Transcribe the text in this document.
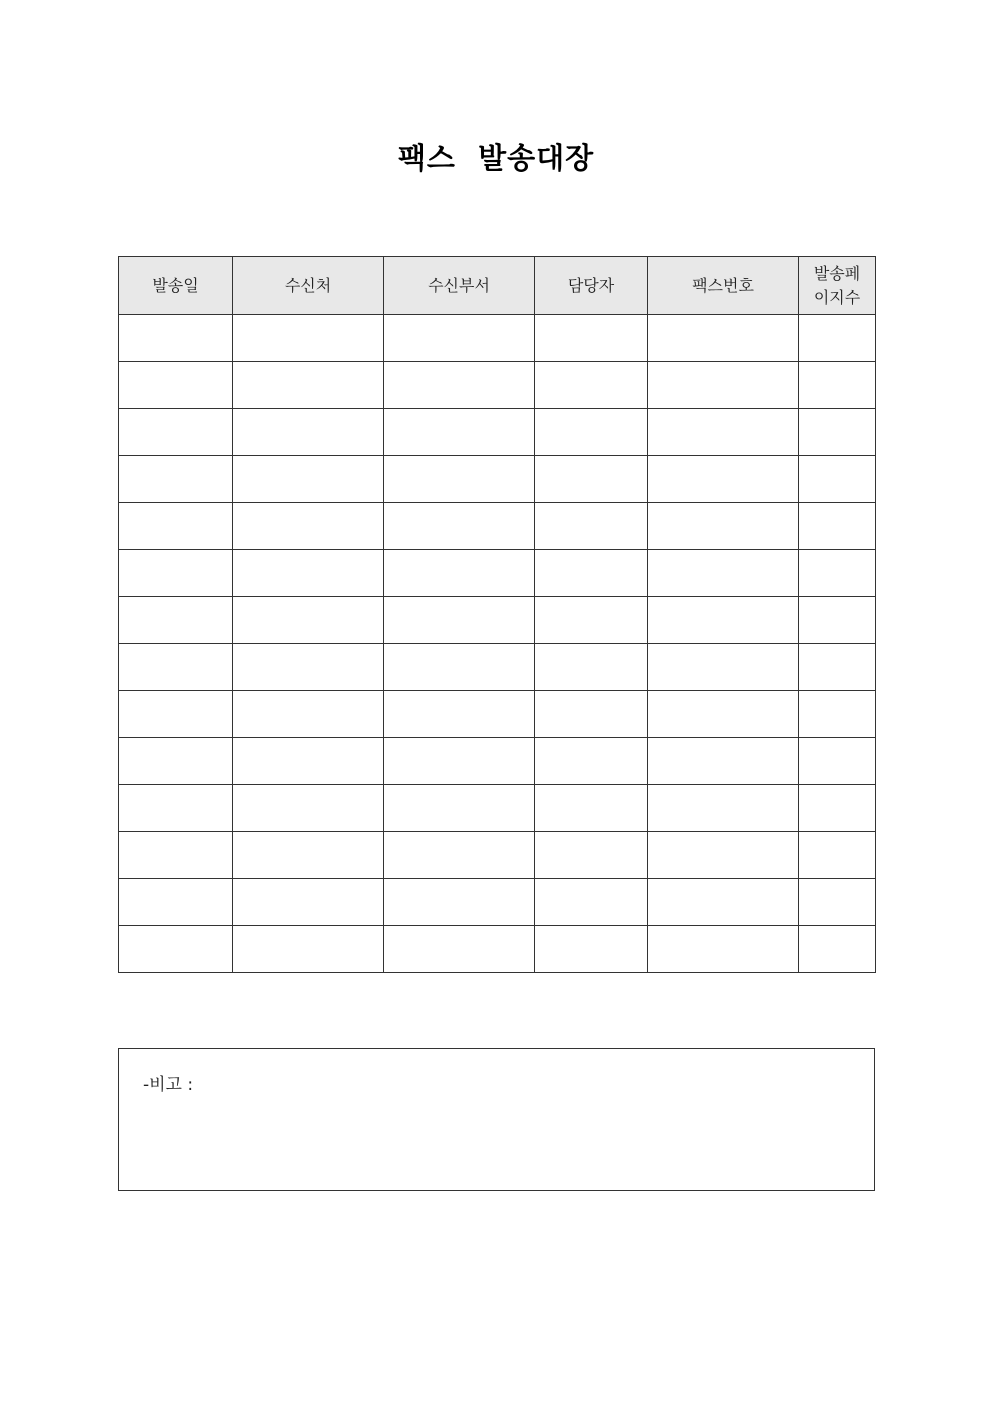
팩스  발송대장
발송일	수신처	수신부서	담당자	팩스번호	발송페
이지수

-비고 :
